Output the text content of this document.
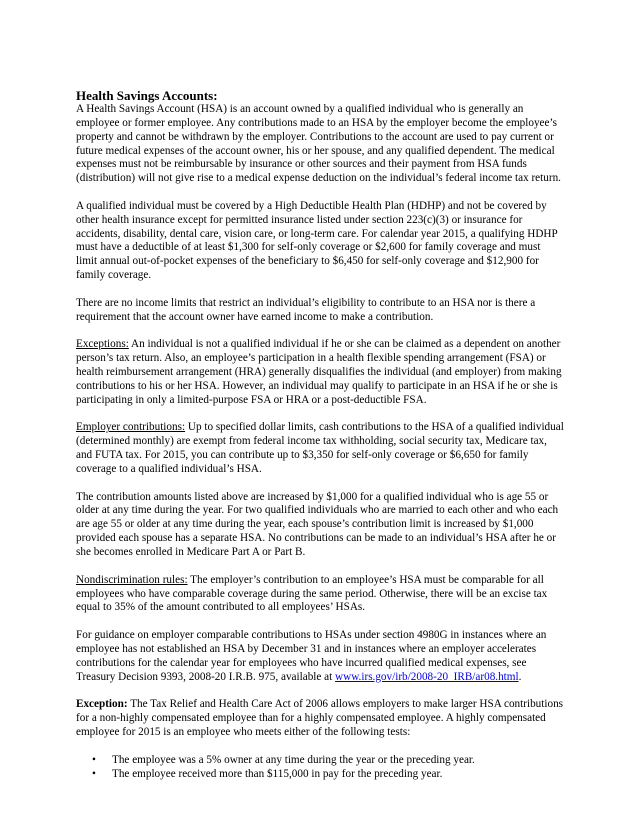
Health Savings Accounts:

A Health Savings Account (HSA) is an account owned by a qualified individual who is generally an employee or former employee. Any contributions made to an HSA by the employer become the employee’s property and cannot be withdrawn by the employer. Contributions to the account are used to pay current or future medical expenses of the account owner, his or her spouse, and any qualified dependent. The medical expenses must not be reimbursable by insurance or other sources and their payment from HSA funds (distribution) will not give rise to a medical expense deduction on the individual’s federal income tax return.

A qualified individual must be covered by a High Deductible Health Plan (HDHP) and not be covered by other health insurance except for permitted insurance listed under section 223(c)(3) or insurance for accidents, disability, dental care, vision care, or long-term care. For calendar year 2015, a qualifying HDHP must have a deductible of at least $1,300 for self-only coverage or $2,600 for family coverage and must limit annual out-of-pocket expenses of the beneficiary to $6,450 for self-only coverage and $12,900 for family coverage.

There are no income limits that restrict an individual’s eligibility to contribute to an HSA nor is there a requirement that the account owner have earned income to make a contribution.

Exceptions: An individual is not a qualified individual if he or she can be claimed as a dependent on another person’s tax return. Also, an employee’s participation in a health flexible spending arrangement (FSA) or health reimbursement arrangement (HRA) generally disqualifies the individual (and employer) from making contributions to his or her HSA. However, an individual may qualify to participate in an HSA if he or she is participating in only a limited-purpose FSA or HRA or a post-deductible FSA.

Employer contributions: Up to specified dollar limits, cash contributions to the HSA of a qualified individual (determined monthly) are exempt from federal income tax withholding, social security tax, Medicare tax, and FUTA tax. For 2015, you can contribute up to $3,350 for self-only coverage or $6,650 for family coverage to a qualified individual’s HSA.

The contribution amounts listed above are increased by $1,000 for a qualified individual who is age 55 or older at any time during the year. For two qualified individuals who are married to each other and who each are age 55 or older at any time during the year, each spouse’s contribution limit is increased by $1,000 provided each spouse has a separate HSA. No contributions can be made to an individual’s HSA after he or she becomes enrolled in Medicare Part A or Part B.

Nondiscrimination rules: The employer’s contribution to an employee’s HSA must be comparable for all employees who have comparable coverage during the same period. Otherwise, there will be an excise tax equal to 35% of the amount contributed to all employees’ HSAs.

For guidance on employer comparable contributions to HSAs under section 4980G in instances where an employee has not established an HSA by December 31 and in instances where an employer accelerates contributions for the calendar year for employees who have incurred qualified medical expenses, see Treasury Decision 9393, 2008-20 I.R.B. 975, available at www.irs.gov/irb/2008-20_IRB/ar08.html.

Exception: The Tax Relief and Health Care Act of 2006 allows employers to make larger HSA contributions for a non-highly compensated employee than for a highly compensated employee. A highly compensated employee for 2015 is an employee who meets either of the following tests:

• The employee was a 5% owner at any time during the year or the preceding year.
• The employee received more than $115,000 in pay for the preceding year.
